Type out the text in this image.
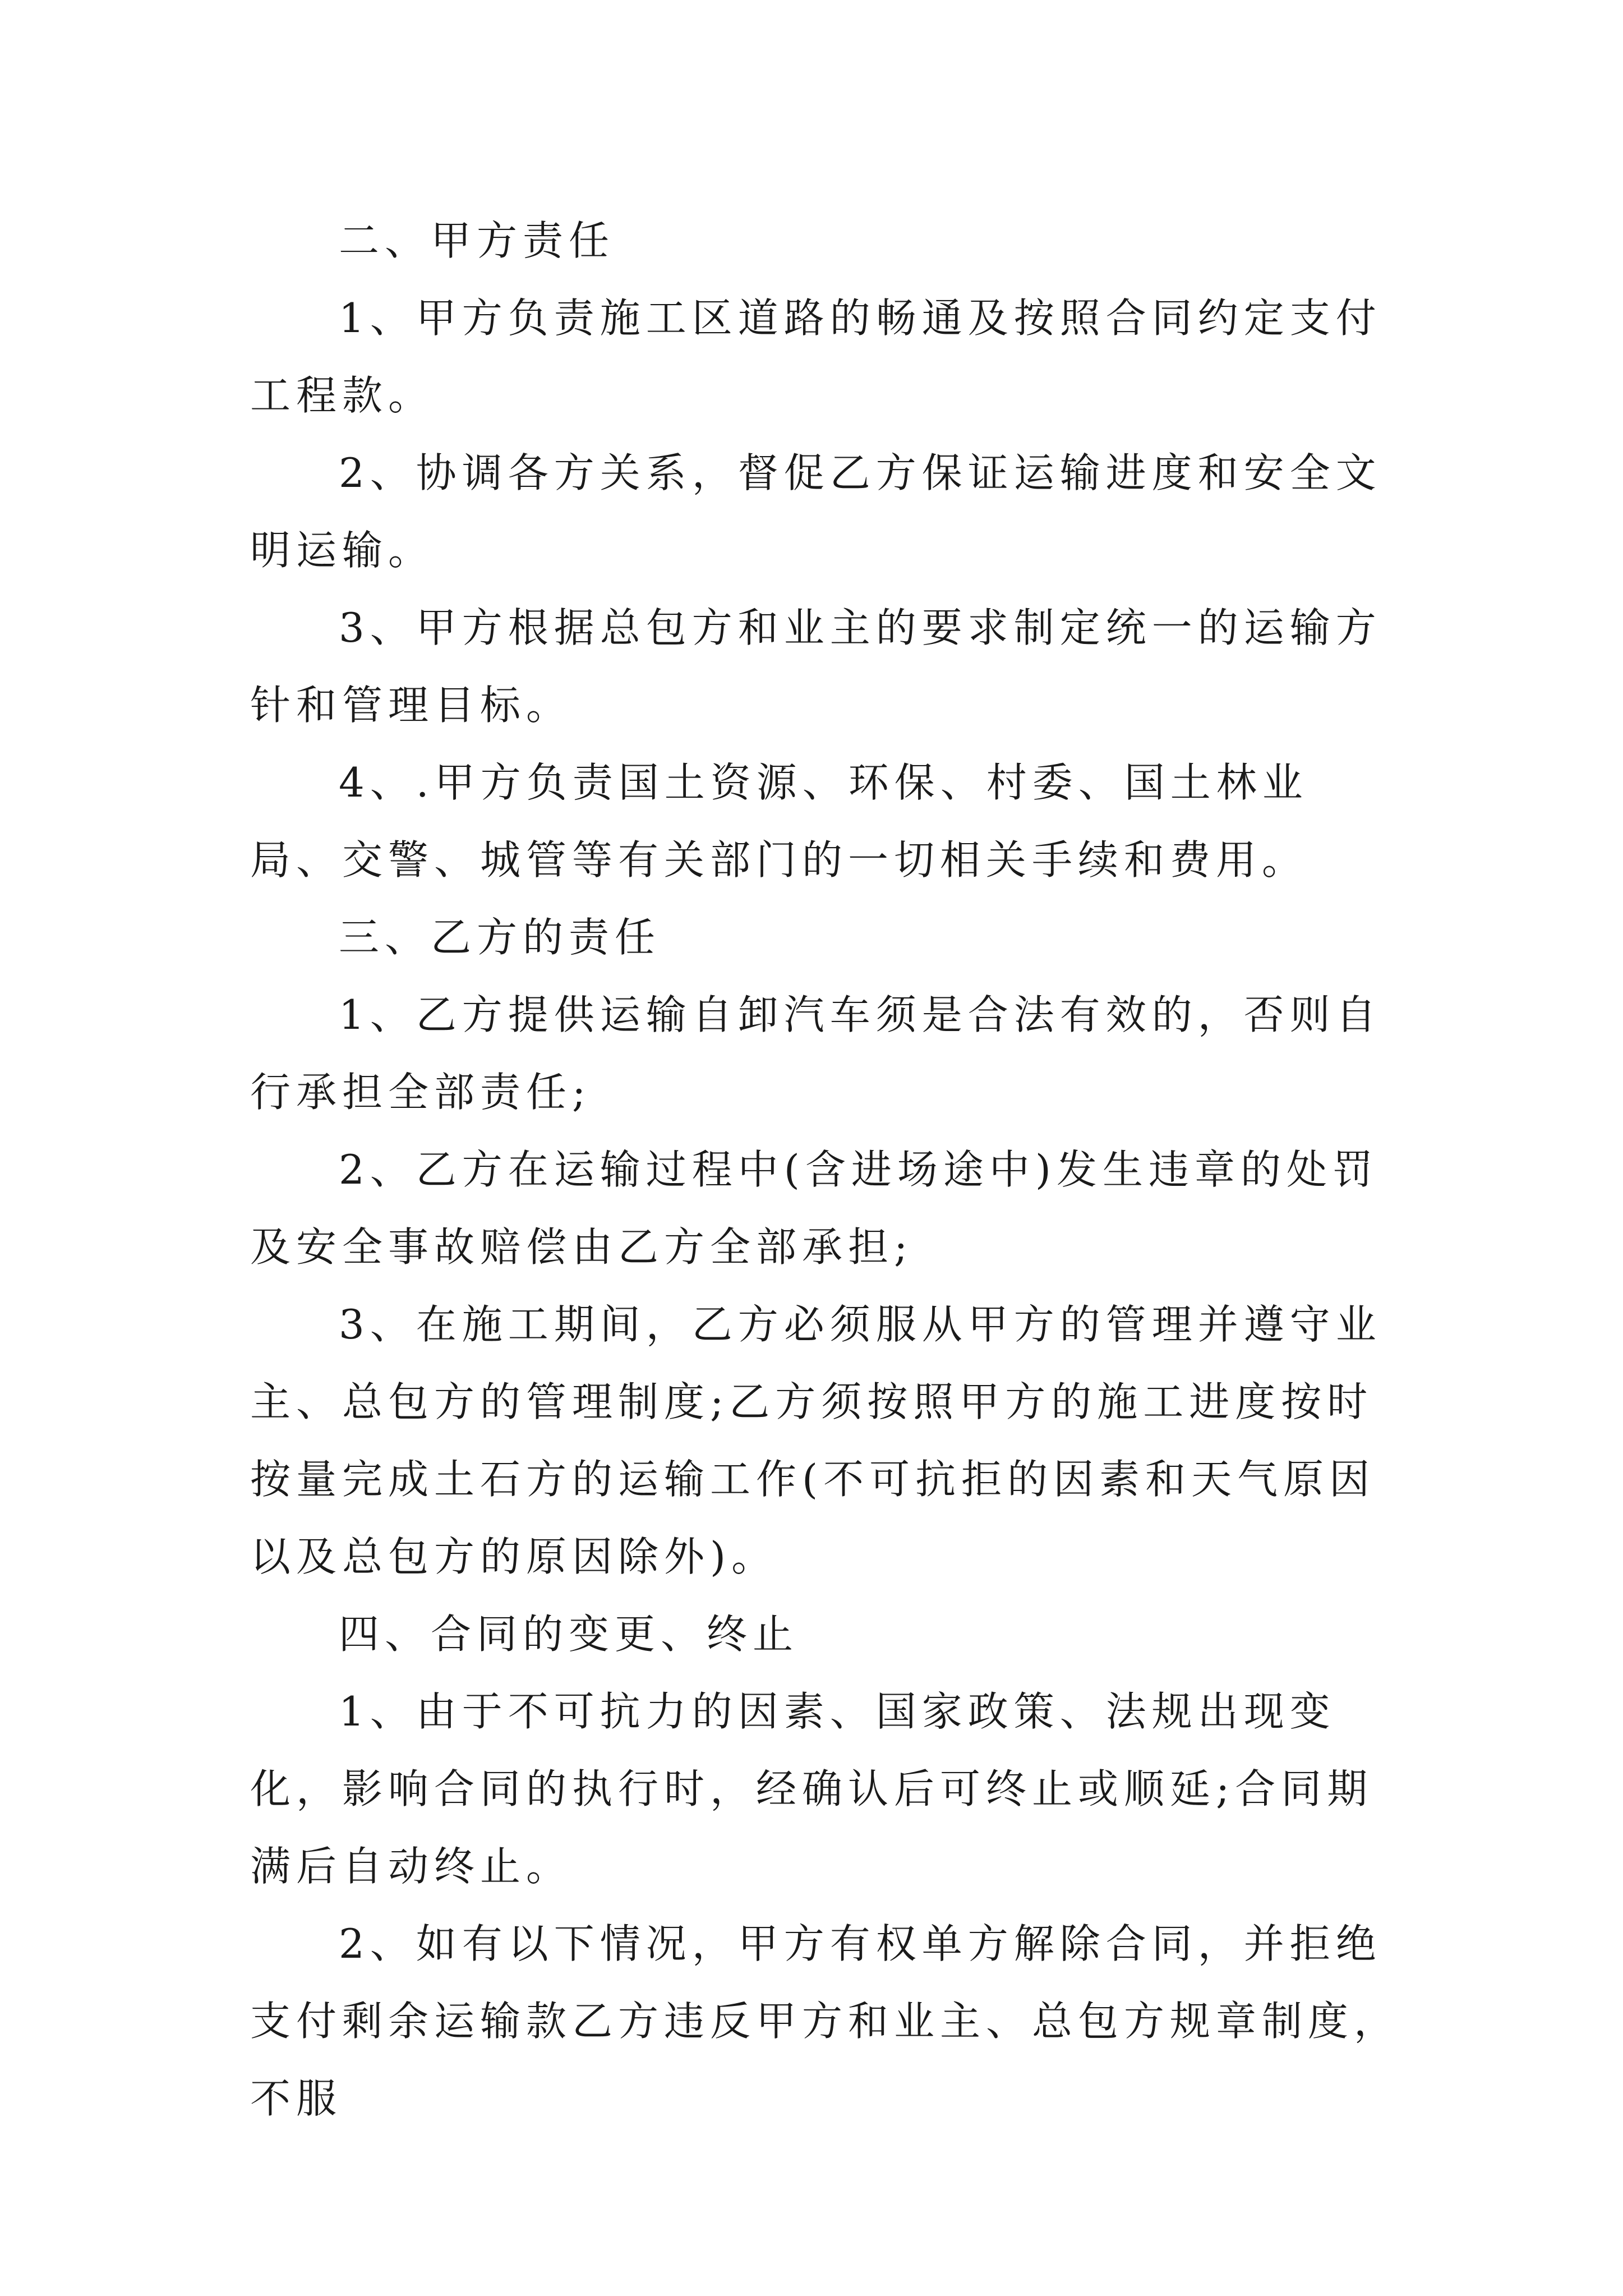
二、甲方责任

1、甲方负责施工区道路的畅通及按照合同约定支付工程款。

2、协调各方关系，督促乙方保证运输进度和安全文明运输。

3、甲方根据总包方和业主的要求制定统一的运输方针和管理目标。

4、.甲方负责国土资源、环保、村委、国土林业局、交警、城管等有关部门的一切相关手续和费用。

三、乙方的责任

1、乙方提供运输自卸汽车须是合法有效的，否则自行承担全部责任;

2、乙方在运输过程中(含进场途中)发生违章的处罚及安全事故赔偿由乙方全部承担;

3、在施工期间，乙方必须服从甲方的管理并遵守业主、总包方的管理制度;乙方须按照甲方的施工进度按时按量完成土石方的运输工作(不可抗拒的因素和天气原因以及总包方的原因除外)。

四、合同的变更、终止

1、由于不可抗力的因素、国家政策、法规出现变化，影响合同的执行时，经确认后可终止或顺延;合同期满后自动终止。

2、如有以下情况，甲方有权单方解除合同，并拒绝支付剩余运输款乙方违反甲方和业主、总包方规章制度，不服
